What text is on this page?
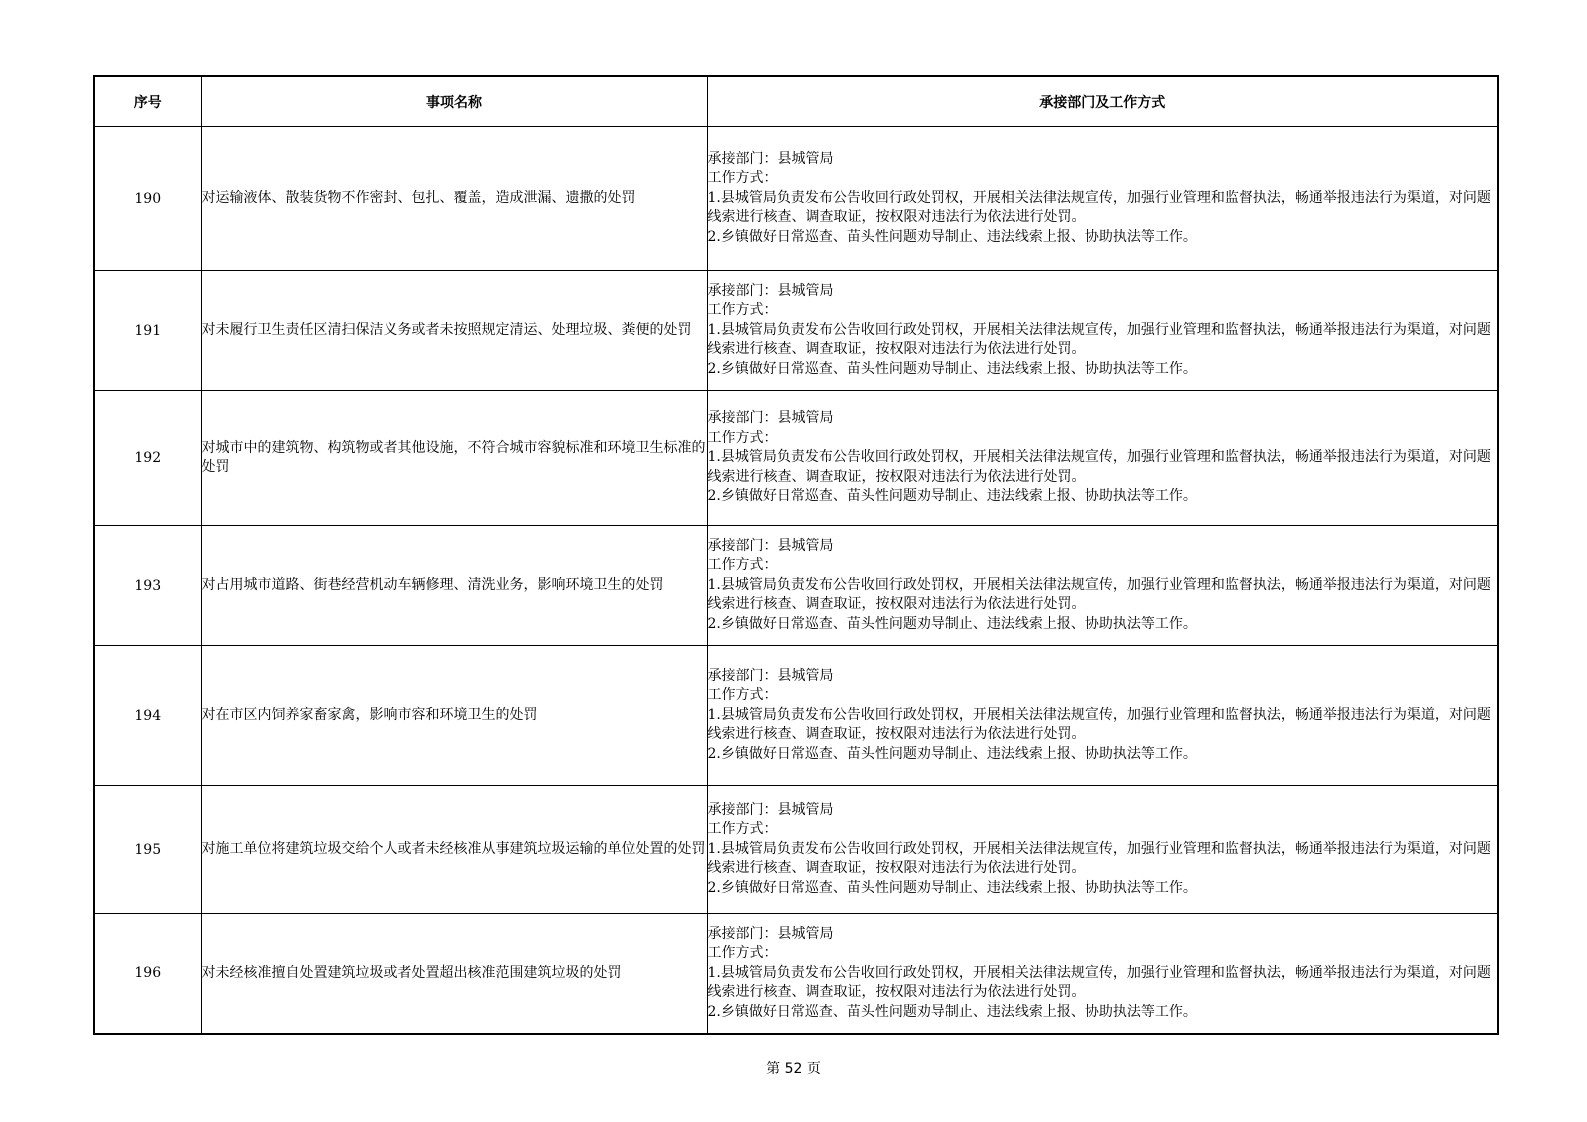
序号	事项名称	承接部门及工作方式
190	对运输液体、散装货物不作密封、包扎、覆盖，造成泄漏、遗撒的处罚	承接部门：县城管局
工作方式：
1.县城管局负责发布公告收回行政处罚权，开展相关法律法规宣传，加强行业管理和监督执法，畅通举报违法行为渠道，对问题线索进行核查、调查取证，按权限对违法行为依法进行处罚。
2.乡镇做好日常巡查、苗头性问题劝导制止、违法线索上报、协助执法等工作。

191	对未履行卫生责任区清扫保洁义务或者未按照规定清运、处理垃圾、粪便的处罚	承接部门：县城管局
工作方式：
1.县城管局负责发布公告收回行政处罚权，开展相关法律法规宣传，加强行业管理和监督执法，畅通举报违法行为渠道，对问题线索进行核查、调查取证，按权限对违法行为依法进行处罚。
2.乡镇做好日常巡查、苗头性问题劝导制止、违法线索上报、协助执法等工作。

192	对城市中的建筑物、构筑物或者其他设施，不符合城市容貌标准和环境卫生标准的处罚	承接部门：县城管局
工作方式：
1.县城管局负责发布公告收回行政处罚权，开展相关法律法规宣传，加强行业管理和监督执法，畅通举报违法行为渠道，对问题线索进行核查、调查取证，按权限对违法行为依法进行处罚。
2.乡镇做好日常巡查、苗头性问题劝导制止、违法线索上报、协助执法等工作。

193	对占用城市道路、街巷经营机动车辆修理、清洗业务，影响环境卫生的处罚	承接部门：县城管局
工作方式：
1.县城管局负责发布公告收回行政处罚权，开展相关法律法规宣传，加强行业管理和监督执法，畅通举报违法行为渠道，对问题线索进行核查、调查取证，按权限对违法行为依法进行处罚。
2.乡镇做好日常巡查、苗头性问题劝导制止、违法线索上报、协助执法等工作。

194	对在市区内饲养家畜家禽，影响市容和环境卫生的处罚	承接部门：县城管局
工作方式：
1.县城管局负责发布公告收回行政处罚权，开展相关法律法规宣传，加强行业管理和监督执法，畅通举报违法行为渠道，对问题线索进行核查、调查取证，按权限对违法行为依法进行处罚。
2.乡镇做好日常巡查、苗头性问题劝导制止、违法线索上报、协助执法等工作。

195	对施工单位将建筑垃圾交给个人或者未经核准从事建筑垃圾运输的单位处置的处罚	承接部门：县城管局
工作方式：
1.县城管局负责发布公告收回行政处罚权，开展相关法律法规宣传，加强行业管理和监督执法，畅通举报违法行为渠道，对问题线索进行核查、调查取证，按权限对违法行为依法进行处罚。
2.乡镇做好日常巡查、苗头性问题劝导制止、违法线索上报、协助执法等工作。

196	对未经核准擅自处置建筑垃圾或者处置超出核准范围建筑垃圾的处罚	承接部门：县城管局
工作方式：
1.县城管局负责发布公告收回行政处罚权，开展相关法律法规宣传，加强行业管理和监督执法，畅通举报违法行为渠道，对问题线索进行核查、调查取证，按权限对违法行为依法进行处罚。
2.乡镇做好日常巡查、苗头性问题劝导制止、违法线索上报、协助执法等工作。
第 52 页
